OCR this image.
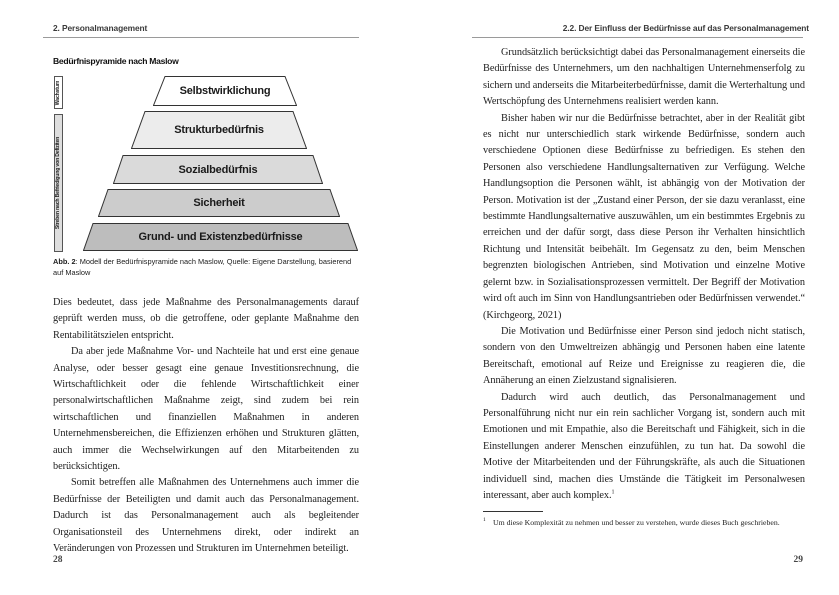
2. Personalmanagement
Bedürfnispyramide nach Maslow
Wachstum
Streben nach Befriedigung von Defiziten
Selbstwirklichung
Strukturbedürfnis
Sozialbedürfnis
Sicherheit
Grund- und Existenzbedürfnisse
Abb. 2: Modell der Bedürfnispyramide nach Maslow, Quelle: Eigene Darstellung, basierend auf Maslow

Dies bedeutet, dass jede Maßnahme des Personalmanagements darauf geprüft werden muss, ob die getroffene, oder geplante Maßnahme den Rentabilitätszielen entspricht.

Da aber jede Maßnahme Vor- und Nachteile hat und erst eine genaue Analyse, oder besser gesagt eine genaue Investitionsrechnung, die Wirtschaftlichkeit oder die fehlende Wirtschaftlichkeit einer personalwirtschaftlichen Maßnahme zeigt, sind zudem bei rein wirtschaftlichen und finanziellen Maßnahmen in anderen Unternehmensbereichen, die Effizienzen erhöhen und Strukturen glätten, auch immer die Wechselwirkungen auf den Mitarbeitenden zu berücksichtigen.

Somit betreffen alle Maßnahmen des Unternehmens auch immer die Bedürfnisse der Beteiligten und damit auch das Personalmanagement. Dadurch ist das Personalmanagement auch als begleitender Organisationsteil des Unternehmens direkt, oder indirekt an Veränderungen von Prozessen und Strukturen im Unternehmen beteiligt.

28
2.2. Der Einfluss der Bedürfnisse auf das Personalmanagement

Grundsätzlich berücksichtigt dabei das Personalmanagement einerseits die Bedürfnisse des Unternehmers, um den nachhaltigen Unternehmenserfolg zu sichern und anderseits die Mitarbeiterbedürfnisse, damit die Werterhaltung und Wertschöpfung des Unternehmens realisiert werden kann.

Bisher haben wir nur die Bedürfnisse betrachtet, aber in der Realität gibt es nicht nur unterschiedlich stark wirkende Bedürfnisse, sondern auch verschiedene Optionen diese Bedürfnisse zu befriedigen. Es stehen den Personen also verschiedene Handlungsalternativen zur Verfügung. Welche Handlungsoption die Personen wählt, ist abhängig von der Motivation der Person. Motivation ist der „Zustand einer Person, der sie dazu veranlasst, eine bestimmte Handlungsalternative auszuwählen, um ein bestimmtes Ergebnis zu erreichen und der dafür sorgt, dass diese Person ihr Verhalten hinsichtlich Richtung und Intensität beibehält. Im Gegensatz zu den, beim Menschen begrenzten biologischen Antrieben, sind Motivation und einzelne Motive gelernt bzw. in Sozialisationsprozessen vermittelt. Der Begriff der Motivation wird oft auch im Sinn von Handlungsantrieben oder Bedürfnissen verwendet.“ (Kirchgeorg, 2021)

Die Motivation und Bedürfnisse einer Person sind jedoch nicht statisch, sondern von den Umweltreizen abhängig und Personen haben eine latente Bereitschaft, emotional auf Reize und Ereignisse zu reagieren die, die Annäherung an einen Zielzustand signalisieren.

Dadurch wird auch deutlich, das Personalmanagement und Personalführung nicht nur ein rein sachlicher Vorgang ist, sondern auch mit Emotionen und mit Empathie, also die Bereitschaft und Fähigkeit, sich in die Einstellungen anderer Menschen einzufühlen, zu tun hat. Da sowohl die Motive der Mitarbeitenden und der Führungskräfte, als auch die Situationen individuell sind, machen dies Umstände die Tätigkeit im Personalwesen interessant, aber auch komplex.$^1$

1 Um diese Komplexität zu nehmen und besser zu verstehen, wurde dieses Buch geschrieben.
29
